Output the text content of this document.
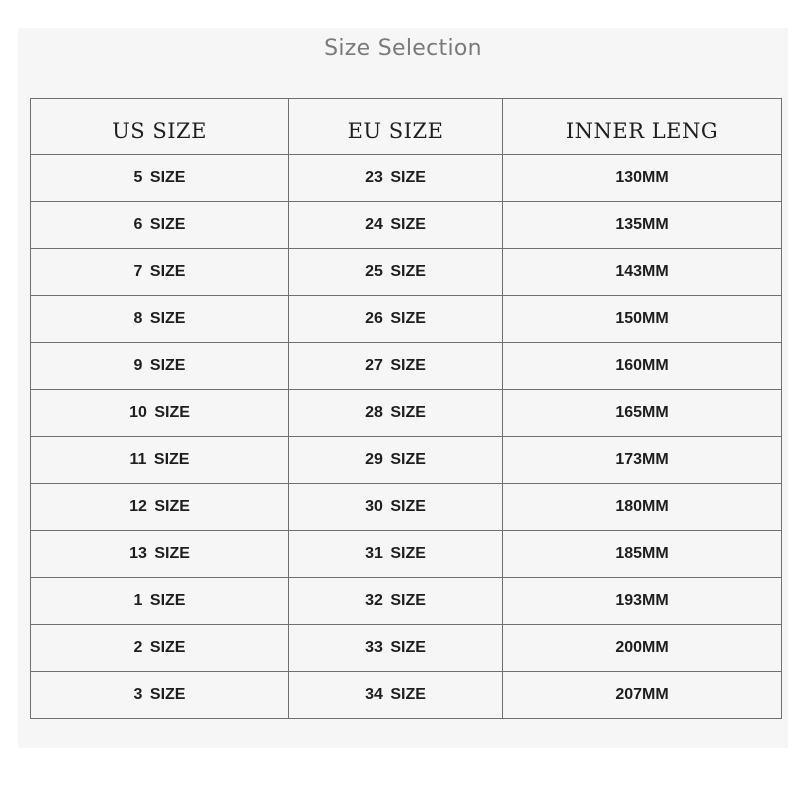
Size Selection
US SIZE	EU SIZE	INNER LENG
5 SIZE	23 SIZE	130MM
6 SIZE	24 SIZE	135MM
7 SIZE	25 SIZE	143MM
8 SIZE	26 SIZE	150MM
9 SIZE	27 SIZE	160MM
10 SIZE	28 SIZE	165MM
11 SIZE	29 SIZE	173MM
12 SIZE	30 SIZE	180MM
13 SIZE	31 SIZE	185MM
1 SIZE	32 SIZE	193MM
2 SIZE	33 SIZE	200MM
3 SIZE	34 SIZE	207MM
